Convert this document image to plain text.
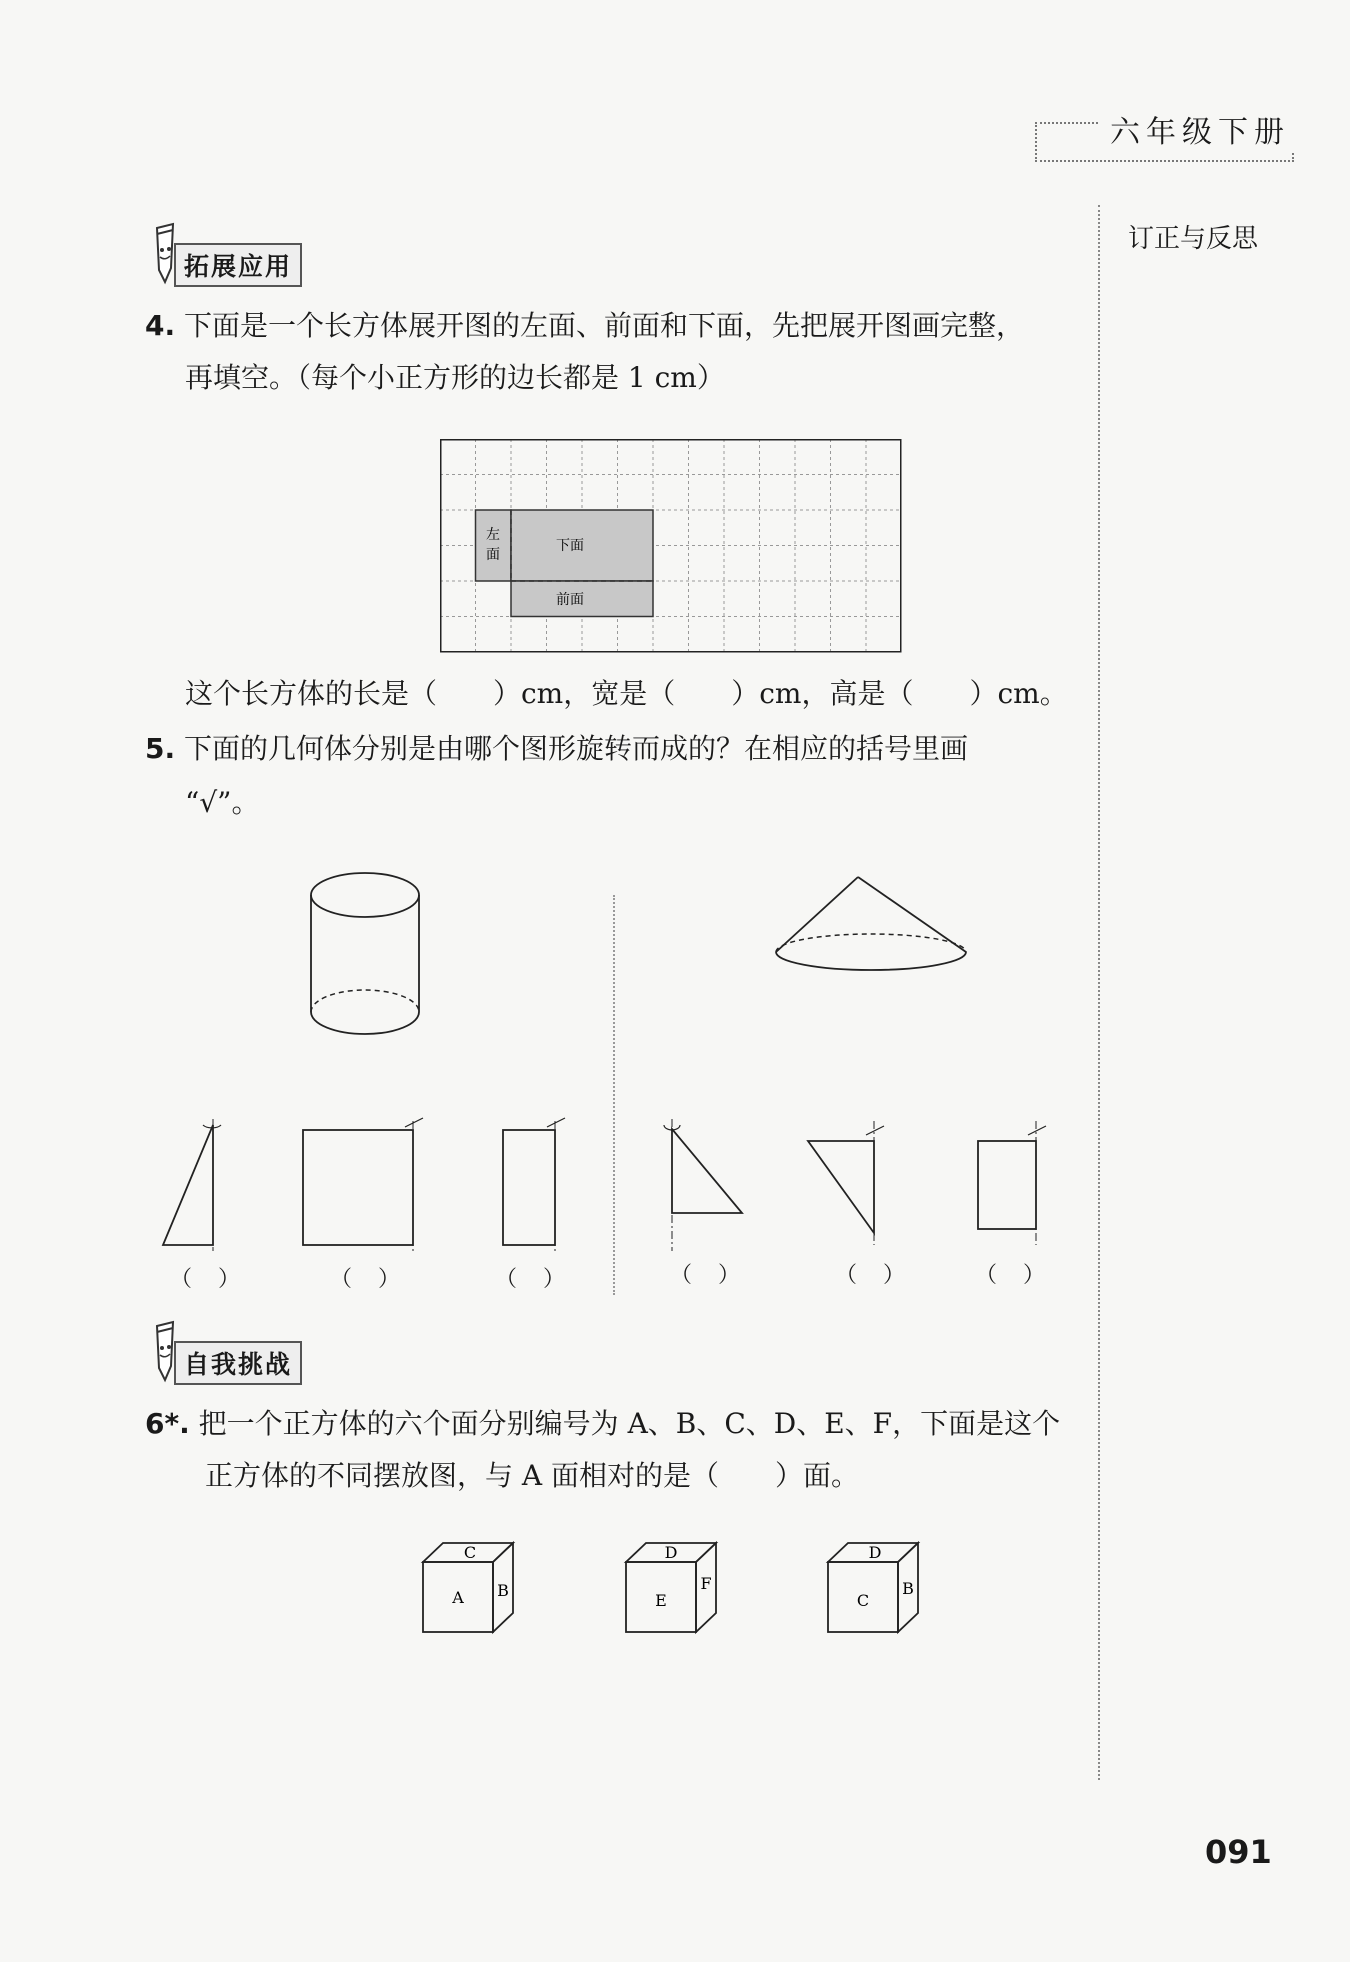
六年级下册
订正与反思
拓展应用
4. 下面是一个长方体展开图的左面、前面和下面，先把展开图画完整，
再填空。（每个小正方形的边长都是 1 cm）
左
面
下面
前面
这个长方体的长是（　　）cm，宽是（　　）cm，高是（　　）cm。
5. 下面的几何体分别是由哪个图形旋转而成的？在相应的括号里画
“√”。
（　）	（　）	（　）	（　）	（　）	（　）
自我挑战
6*. 把一个正方体的六个面分别编号为 A、B、C、D、E、F，下面是这个
正方体的不同摆放图，与 A 面相对的是（　　）面。
C
A B
D
E
F
D
C
B
091
